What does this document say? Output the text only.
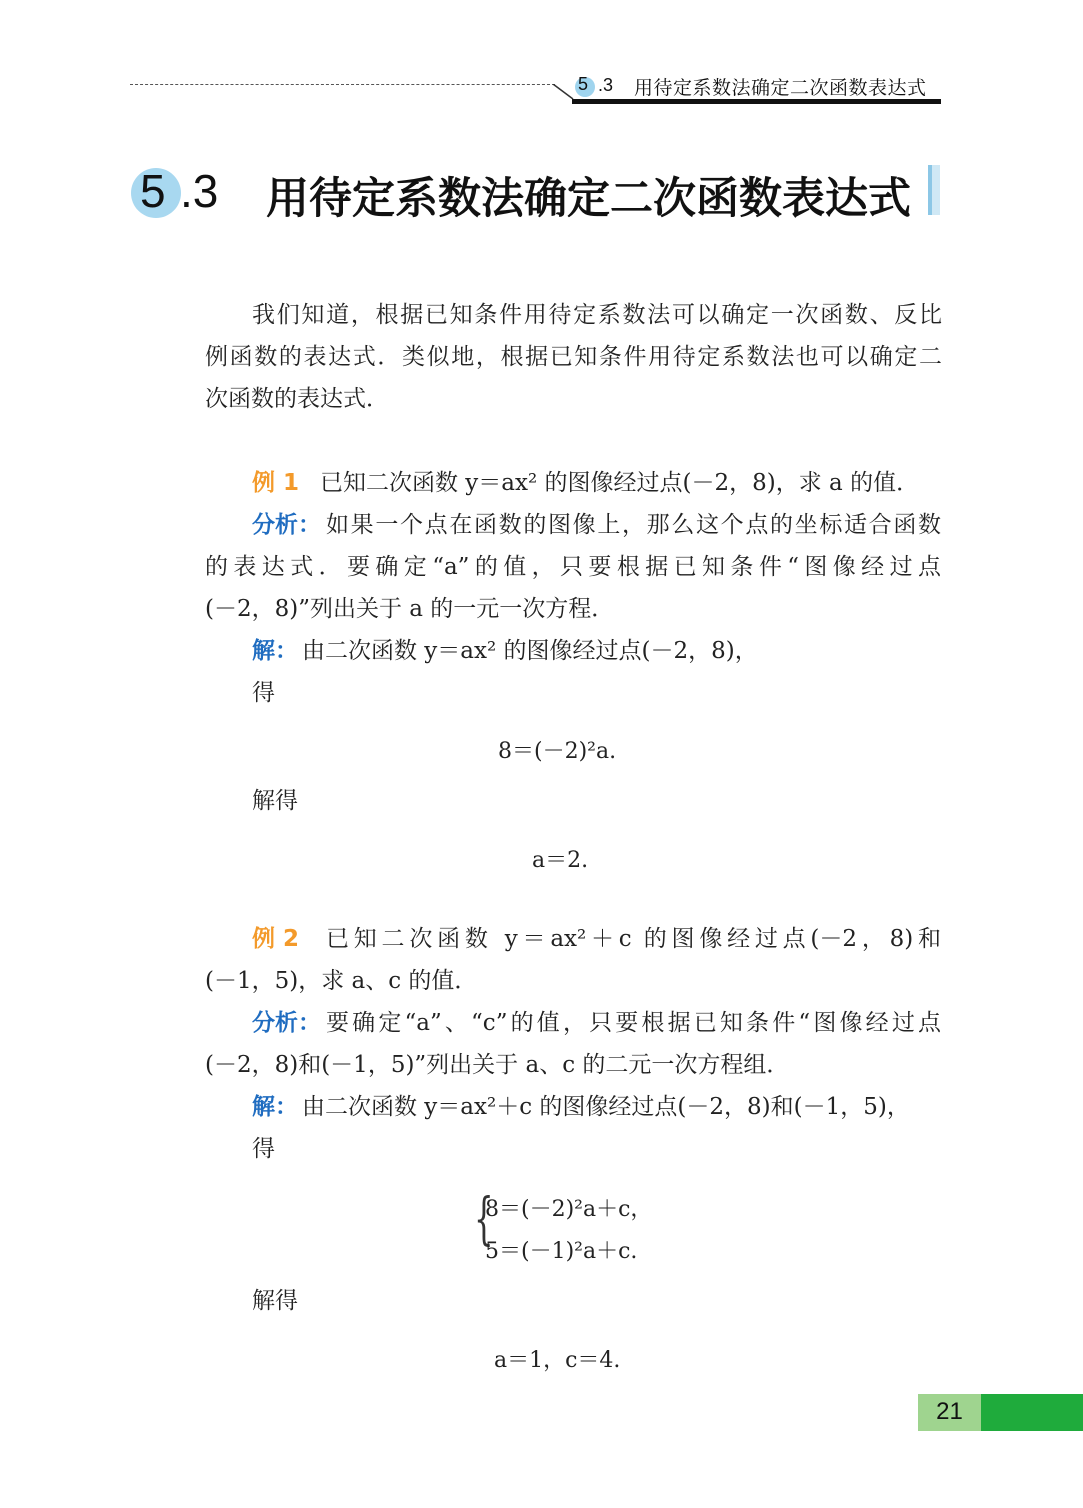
5 .3 用待定系数法确定二次函数表达式
5 .3 用待定系数法确定二次函数表达式
我们知道，根据已知条件用待定系数法可以确定一次函数、反比
例函数的表达式．类似地，根据已知条件用待定系数法也可以确定二
次函数的表达式．
例 1 已知二次函数 y＝ax² 的图像经过点(－2，8)，求 a 的值．
分析： 如果一个点在函数的图像上，那么这个点的坐标适合函数
的表达式．要确定“a”的值，只要根据已知条件“图像经过点
(－2，8)”列出关于 a 的一元一次方程．
解： 由二次函数 y＝ax² 的图像经过点(－2，8)，
得
8＝(－2)²a.
解得
a＝2.
例 2 已知二次函数 y＝ax²＋c 的图像经过点(－2，8)和
(－1，5)，求 a、c 的值．
分析： 要确定“a”、“c”的值，只要根据已知条件“图像经过点
(－2，8)和(－1，5)”列出关于 a、c 的二元一次方程组．
解： 由二次函数 y＝ax²＋c 的图像经过点(－2，8)和(－1，5)，
得
{
8＝(－2)²a＋c，
5＝(－1)²a＋c.
解得
a＝1，c＝4.
21
